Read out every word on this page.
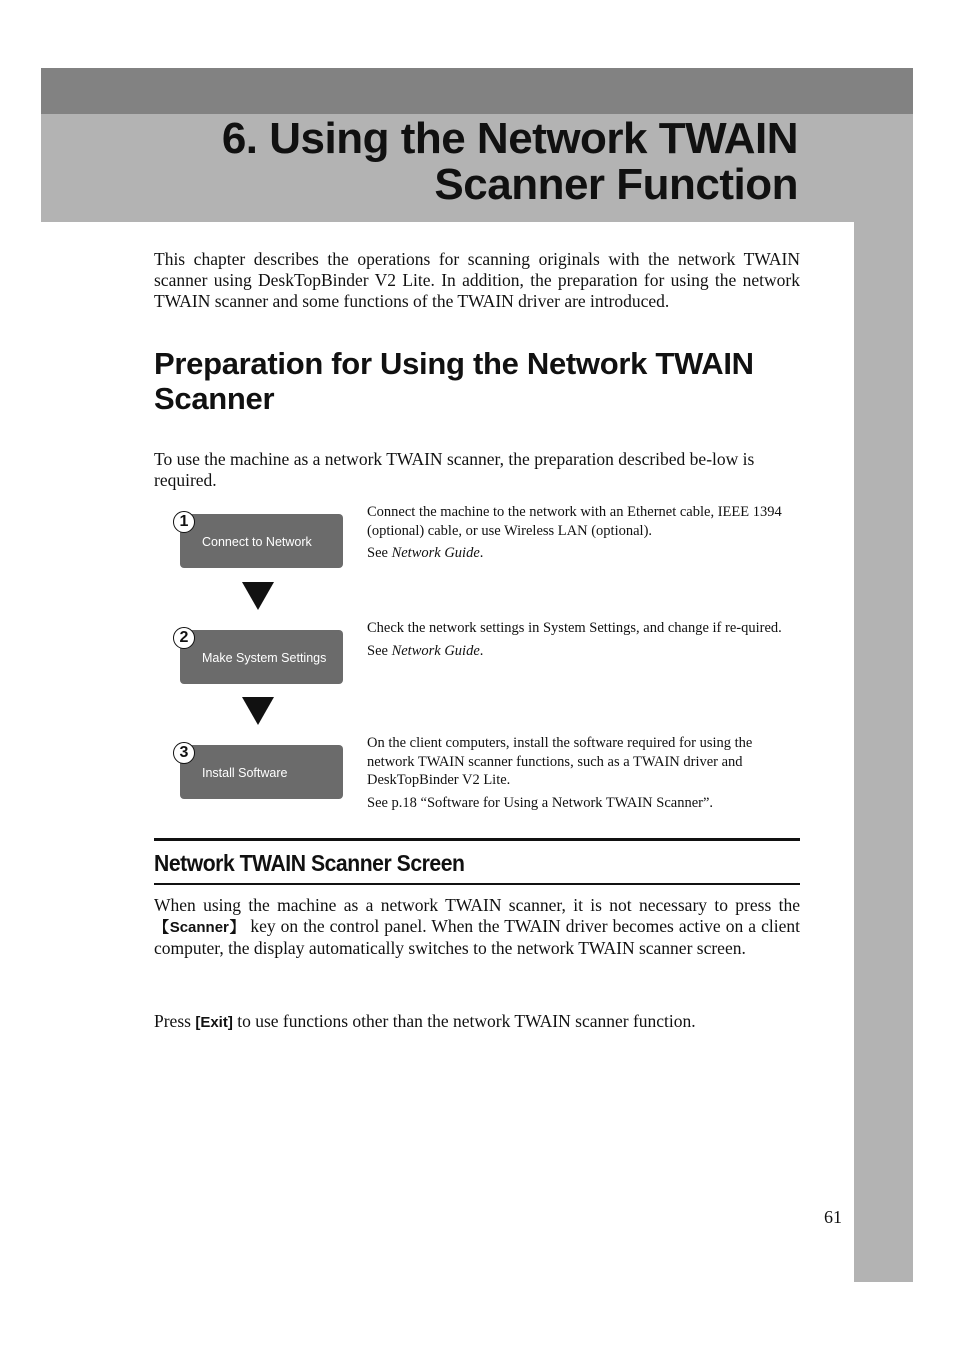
6. Using the Network TWAIN
Scanner Function

This chapter describes the operations for scanning originals with the network TWAIN scanner using DeskTopBinder V2 Lite. In addition, the preparation for using the network TWAIN scanner and some functions of the TWAIN driver are introduced.

Preparation for Using the Network TWAIN Scanner

To use the machine as a network TWAIN scanner, the preparation described be-low is required.

Connect to Network
1
Connect the machine to the network with an Ethernet cable, IEEE 1394 (optional) cable, or use Wireless LAN (optional).
See Network Guide.
Make System Settings
2
Check the network settings in System Settings, and change if re-quired.
See Network Guide.
Install Software
3
On the client computers, install the software required for using the network TWAIN scanner functions, such as a TWAIN driver and DeskTopBinder V2 Lite.
See p.18 “Software for Using a Network TWAIN Scanner”.
Network TWAIN Scanner Screen

When using the machine as a network TWAIN scanner, it is not necessary to press the 【Scanner】 key on the control panel. When the TWAIN driver becomes active on a client computer, the display automatically switches to the network TWAIN scanner screen.

Press [Exit] to use functions other than the network TWAIN scanner function.

61
